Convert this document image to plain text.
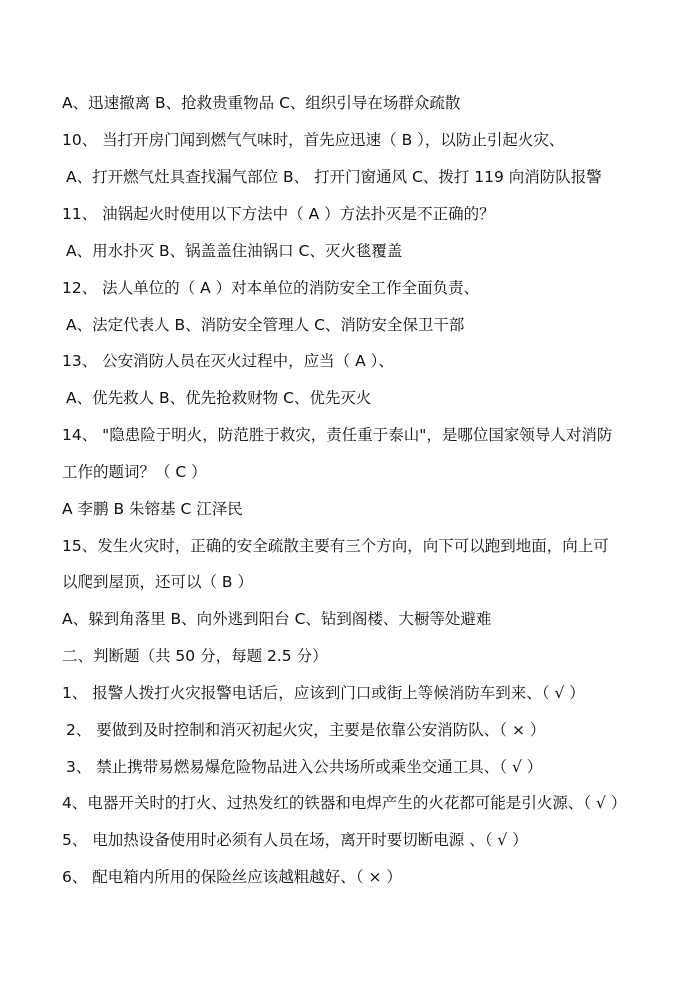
A、迅速撤离 B、抢救贵重物品 C、组织引导在场群众疏散
10、 当打开房门闻到燃气气味时，首先应迅速（ B ），以防止引起火灾、
A、打开燃气灶具查找漏气部位 B、 打开门窗通风 C、拨打 119 向消防队报警
11、 油锅起火时使用以下方法中（ A ）方法扑灭是不正确的？
A、用水扑灭 B、锅盖盖住油锅口 C、灭火毯覆盖
12、 法人单位的（ A ）对本单位的消防安全工作全面负责、
A、法定代表人 B、消防安全管理人 C、消防安全保卫干部
13、 公安消防人员在灭火过程中，应当（ A ）、
A、优先救人 B、优先抢救财物 C、优先灭火
14、 "隐患险于明火，防范胜于救灾，责任重于泰山"，是哪位国家领导人对消防
工作的题词？（ C ）
A 李鹏 B 朱镕基 C 江泽民
15、发生火灾时，正确的安全疏散主要有三个方向，向下可以跑到地面，向上可
以爬到屋顶，还可以（ B ）
A、躲到角落里 B、向外逃到阳台 C、钻到阁楼、大橱等处避难
二、判断题（共 50 分，每题 2.5 分）
1、 报警人拨打火灾报警电话后，应该到门口或街上等候消防车到来、（ √ ）
2、 要做到及时控制和消灭初起火灾，主要是依靠公安消防队、（ × ）
3、 禁止携带易燃易爆危险物品进入公共场所或乘坐交通工具、（ √ ）
4、电器开关时的打火、过热发红的铁器和电焊产生的火花都可能是引火源、（ √ ）
5、 电加热设备使用时必须有人员在场，离开时要切断电源 、（ √ ）
6、 配电箱内所用的保险丝应该越粗越好、（ × ）
